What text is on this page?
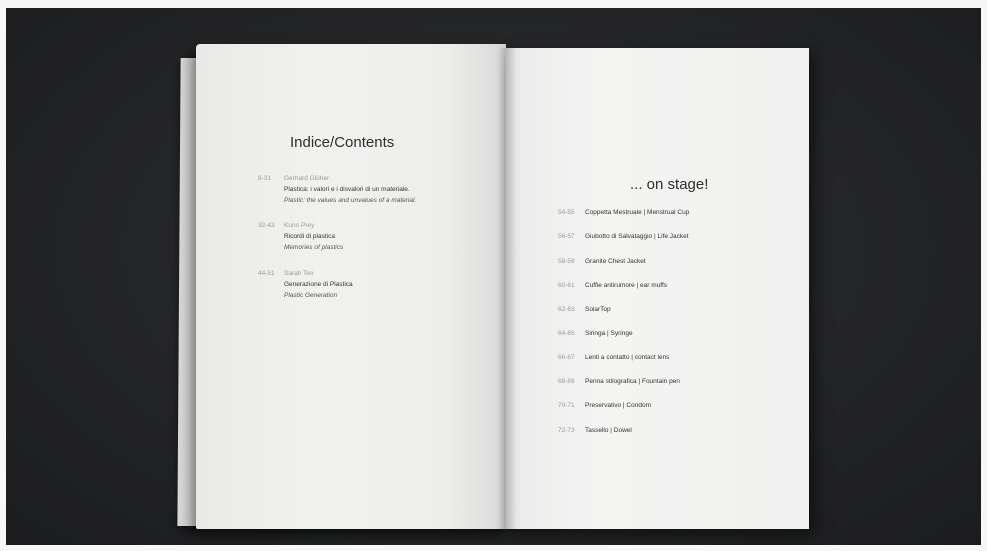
Indice/Contents
8-31 Gerhard Glüher
Plastica: i valori e i disvalori di un materiale.
Plastic: the values and unvalues of a material.
32-43 Kuno Prey
Ricordi di plastica
Memories of plastics
44-51 Sarah Teo
Generazione di Plastica
Plastic Generation
... on stage!
54-55 Coppetta Mestruale | Menstrual Cup
56-57 Giubotto di Salvataggio | Life Jacket
58-59 Granite Chest Jacket
60-61 Cuffie antirumore | ear muffs
62-63 SolarTop
64-65 Siringa | Syringe
66-67 Lenti a contatto | contact lens
68-69 Penna stilografica | Fountain pen
70-71 Preservativo | Condom
72-73 Tassello | Dowel
